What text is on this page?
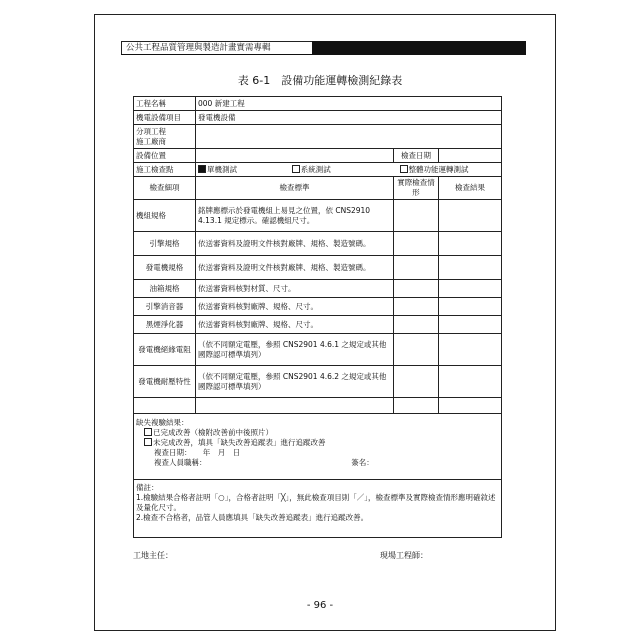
公共工程品質管理與製造計畫實需專輯
表 6-1　設備功能運轉檢測紀錄表
工程名稱	000 新建工程		
機電設備項目	發電機設備		

分項工程
施工廠商			

設備位置		檢查日期	
施工檢查點	單機測試 系統測試 整體功能運轉測試		
檢查細項	檢查標準	實際檢查情形	檢查結果
機組規格	銘牌應標示於發電機組上易見之位置，依 CNS2910 4.13.1 規定標示。確認機組尺寸。		
引擎規格	依送審資料及證明文件核對廠牌、規格、製造號碼。		
發電機規格	依送審資料及證明文件核對廠牌、規格、製造號碼。		
油箱規格	依送審資料核對材質、尺寸。		
引擎消音器	依送審資料核對廠牌、規格、尺寸。		
黑煙淨化器	依送審資料核對廠牌、規格、尺寸。		
發電機絕緣電阻	（依不同額定電壓，參照 CNS2901 4.6.1 之規定或其他國際認可標準填列）		
發電機耐壓特性	（依不同額定電壓，參照 CNS2901 4.6.2 之規定或其他國際認可標準填列）		

缺失複驗結果：
已完成改善（檢附改善前中後照片）
未完成改善，填具「缺失改善追蹤表」進行追蹤改善
複查日期：　　年　月　日
複查人員職稱： 簽名：			

備註：
1.檢驗結果合格者註明「○」，合格者註明「╳」，無此檢查項目則「／」，檢查標準及實際檢查情形應明確敘述及量化尺寸。
2.檢查不合格者，品管人員應填具「缺失改善追蹤表」進行追蹤改善。			
工地主任：	現場工程師：
- 96 -
